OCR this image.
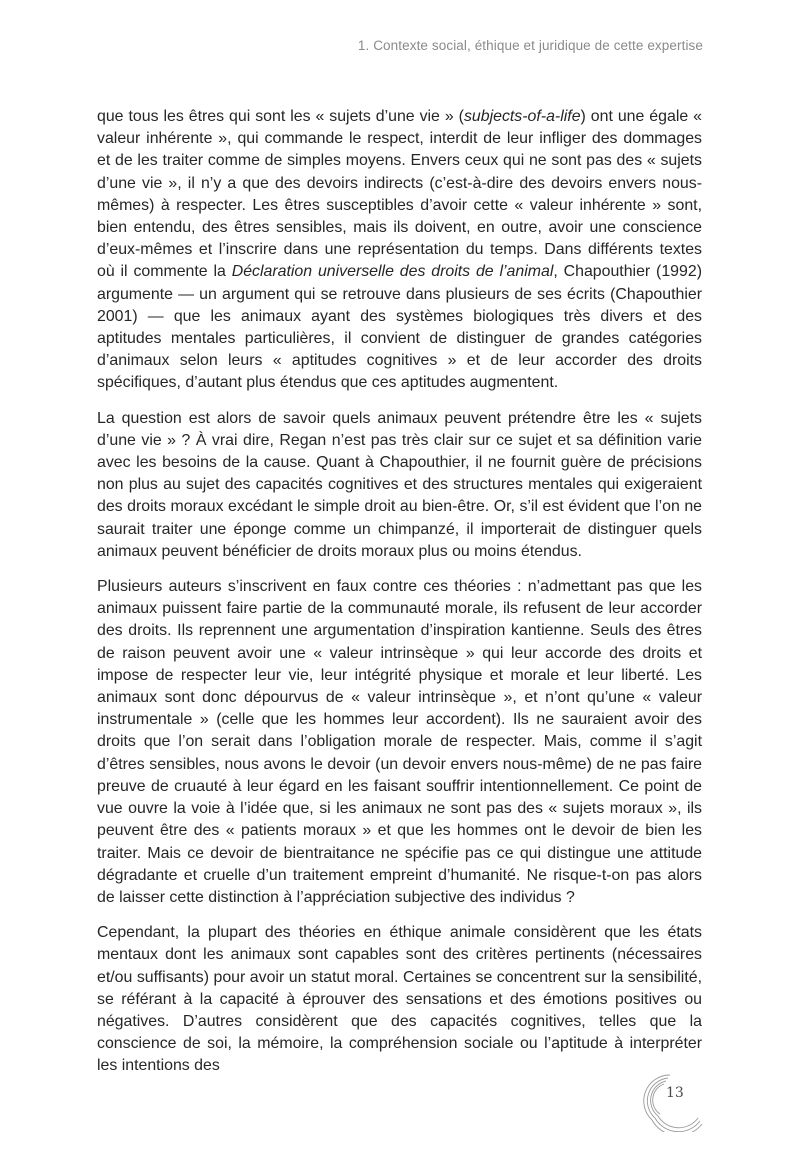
1. Contexte social, éthique et juridique de cette expertise

que tous les êtres qui sont les « sujets d’une vie » (subjects-of-a-life) ont une égale « valeur inhérente », qui commande le respect, interdit de leur infliger des dommages et de les traiter comme de simples moyens. Envers ceux qui ne sont pas des « sujets d’une vie », il n’y a que des devoirs indirects (c’est-à-dire des devoirs envers nous-mêmes) à respecter. Les êtres susceptibles d’avoir cette « valeur inhérente » sont, bien entendu, des êtres sensibles, mais ils doivent, en outre, avoir une conscience d’eux-mêmes et l’inscrire dans une représentation du temps. Dans différents textes où il commente la Déclaration universelle des droits de l’animal, Chapouthier (1992) argumente — un argument qui se retrouve dans plusieurs de ses écrits (Chapouthier 2001) — que les animaux ayant des systèmes biologiques très divers et des aptitudes mentales particulières, il convient de distinguer de grandes catégories d’animaux selon leurs « aptitudes cognitives » et de leur accorder des droits spécifiques, d’autant plus étendus que ces aptitudes augmentent.

La question est alors de savoir quels animaux peuvent prétendre être les « sujets d’une vie » ? À vrai dire, Regan n’est pas très clair sur ce sujet et sa définition varie avec les besoins de la cause. Quant à Chapouthier, il ne fournit guère de précisions non plus au sujet des capacités cognitives et des structures mentales qui exigeraient des droits moraux excédant le simple droit au bien-être. Or, s’il est évident que l’on ne saurait traiter une éponge comme un chimpanzé, il importerait de distinguer quels animaux peuvent bénéficier de droits moraux plus ou moins étendus.

Plusieurs auteurs s’inscrivent en faux contre ces théories : n’admettant pas que les animaux puissent faire partie de la communauté morale, ils refusent de leur accorder des droits. Ils reprennent une argumentation d’inspiration kantienne. Seuls des êtres de raison peuvent avoir une « valeur intrinsèque » qui leur accorde des droits et impose de respecter leur vie, leur intégrité physique et morale et leur liberté. Les animaux sont donc dépourvus de « valeur intrinsèque », et n’ont qu’une « valeur instrumentale » (celle que les hommes leur accordent). Ils ne sauraient avoir des droits que l’on serait dans l’obligation morale de respecter. Mais, comme il s’agit d’êtres sensibles, nous avons le devoir (un devoir envers nous-même) de ne pas faire preuve de cruauté à leur égard en les faisant souffrir intentionnellement. Ce point de vue ouvre la voie à l’idée que, si les animaux ne sont pas des « sujets moraux », ils peuvent être des « patients moraux » et que les hommes ont le devoir de bien les traiter. Mais ce devoir de bientraitance ne spécifie pas ce qui distingue une attitude dégradante et cruelle d’un traitement empreint d’humanité. Ne risque-t-on pas alors de laisser cette distinction à l’appréciation subjective des individus ?

Cependant, la plupart des théories en éthique animale considèrent que les états mentaux dont les animaux sont capables sont des critères pertinents (nécessaires et/ou suffisants) pour avoir un statut moral. Certaines se concentrent sur la sensibilité, se référant à la capacité à éprouver des sensations et des émotions positives ou négatives. D’autres considèrent que des capacités cognitives, telles que la conscience de soi, la mémoire, la compréhension sociale ou l’aptitude à interpréter les intentions des

13
